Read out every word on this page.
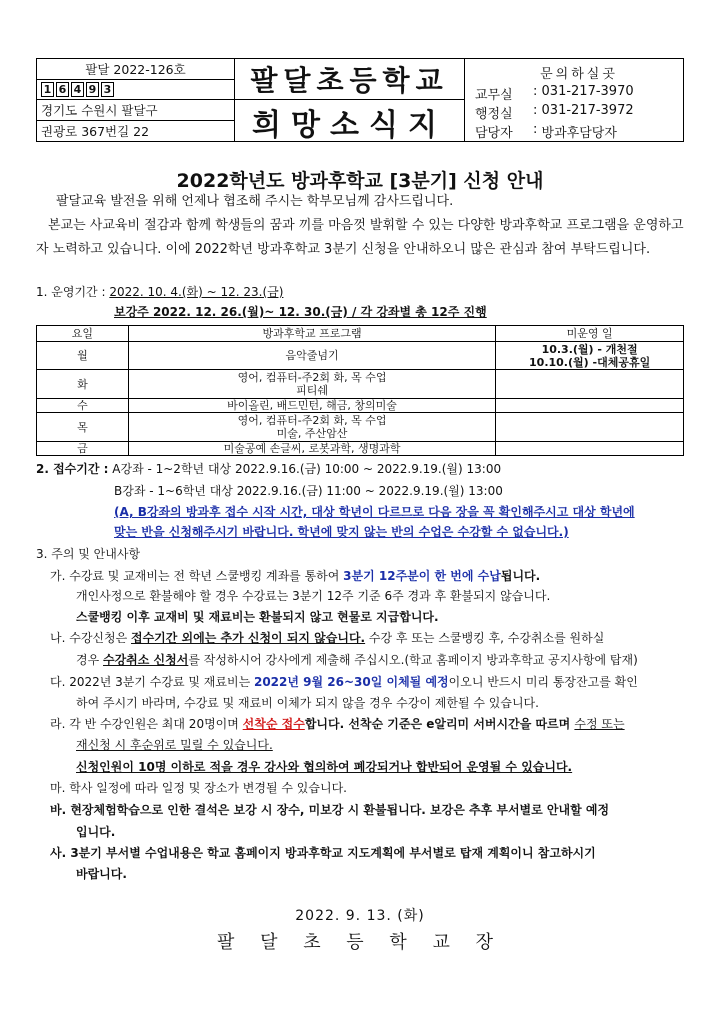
팔달 2022-126호
1 6 4 9 3
경기도 수원시 팔달구
권광로 367번길 22
팔달초등학교
희망소식지
문의하실곳
교무실	:
031-217-3970
행정실	:
031-217-3972
담당자	:
방과후담당자
2022학년도 방과후학교 [3분기] 신청 안내
팔달교육 발전을 위해 언제나 협조해 주시는 학부모님께 감사드립니다.
본교는 사교육비 절감과 함께 학생들의 꿈과 끼를 마음껏 발휘할 수 있는 다양한 방과후학교 프로그램을 운영하고자 노력하고 있습니다. 이에 2022학년 방과후학교 3분기 신청을 안내하오니 많은 관심과 참여 부탁드립니다.
1. 운영기간 : 2022. 10. 4.(화) ~ 12. 23.(금)
보강주 2022. 12. 26.(월)~ 12. 30.(금) / 각 강좌별 총 12주 진행
요일	방과후학교 프로그램	미운영 일
월	음악줄넘기	10.3.(월) - 개천절
10.10.(월) -대체공휴일

화	영어, 컴퓨터-주2회 화, 목 수업
피티쉐	

수	바이올린, 배드민턴, 해금, 창의미술	

목	영어, 컴퓨터-주2회 화, 목 수업
미술, 주산암산	

금	미술공예 손글씨, 로봇과학, 생명과학	

2. 접수기간 : A강좌 - 1~2학년 대상 2022.9.16.(금) 10:00 ~ 2022.9.19.(월) 13:00
B강좌 - 1~6학년 대상 2022.9.16.(금) 11:00 ~ 2022.9.19.(월) 13:00
(A, B강좌의 방과후 접수 시작 시간, 대상 학년이 다르므로 다음 장을 꼭 확인해주시고 대상 학년에
맞는 반을 신청해주시기 바랍니다. 학년에 맞지 않는 반의 수업은 수강할 수 없습니다.)
3. 주의 및 안내사항
가. 수강료 및 교재비는 전 학년 스쿨뱅킹 계좌를 통하여 3분기 12주분이 한 번에 수납됩니다.
개인사정으로 환불해야 할 경우 수강료는 3분기 12주 기준 6주 경과 후 환불되지 않습니다.
스쿨뱅킹 이후 교재비 및 재료비는 환불되지 않고 현물로 지급합니다.
나. 수강신청은 접수기간 외에는 추가 신청이 되지 않습니다. 수강 후 또는 스쿨뱅킹 후, 수강취소를 원하실
경우 수강취소 신청서를 작성하시어 강사에게 제출해 주십시오.(학교 홈페이지 방과후학교 공지사항에 탑재)
다. 2022년 3분기 수강료 및 재료비는 2022년 9월 26~30일 이체될 예정이오니 반드시 미리 통장잔고를 확인
하여 주시기 바라며, 수강료 및 재료비 이체가 되지 않을 경우 수강이 제한될 수 있습니다.
라. 각 반 수강인원은 최대 20명이며 선착순 접수합니다. 선착순 기준은 e알리미 서버시간을 따르며 수정 또는
재신청 시 후순위로 밀릴 수 있습니다.
신청인원이 10명 이하로 적을 경우 강사와 협의하여 폐강되거나 합반되어 운영될 수 있습니다.
마. 학사 일정에 따라 일정 및 장소가 변경될 수 있습니다.
바. 현장체험학습으로 인한 결석은 보강 시 장수, 미보강 시 환불됩니다. 보강은 추후 부서별로 안내할 예정
입니다.
사. 3분기 부서별 수업내용은 학교 홈페이지 방과후학교 지도계획에 부서별로 탑재 계획이니 참고하시기
바랍니다.
2022. 9. 13. (화)
팔 달 초 등 학 교 장
